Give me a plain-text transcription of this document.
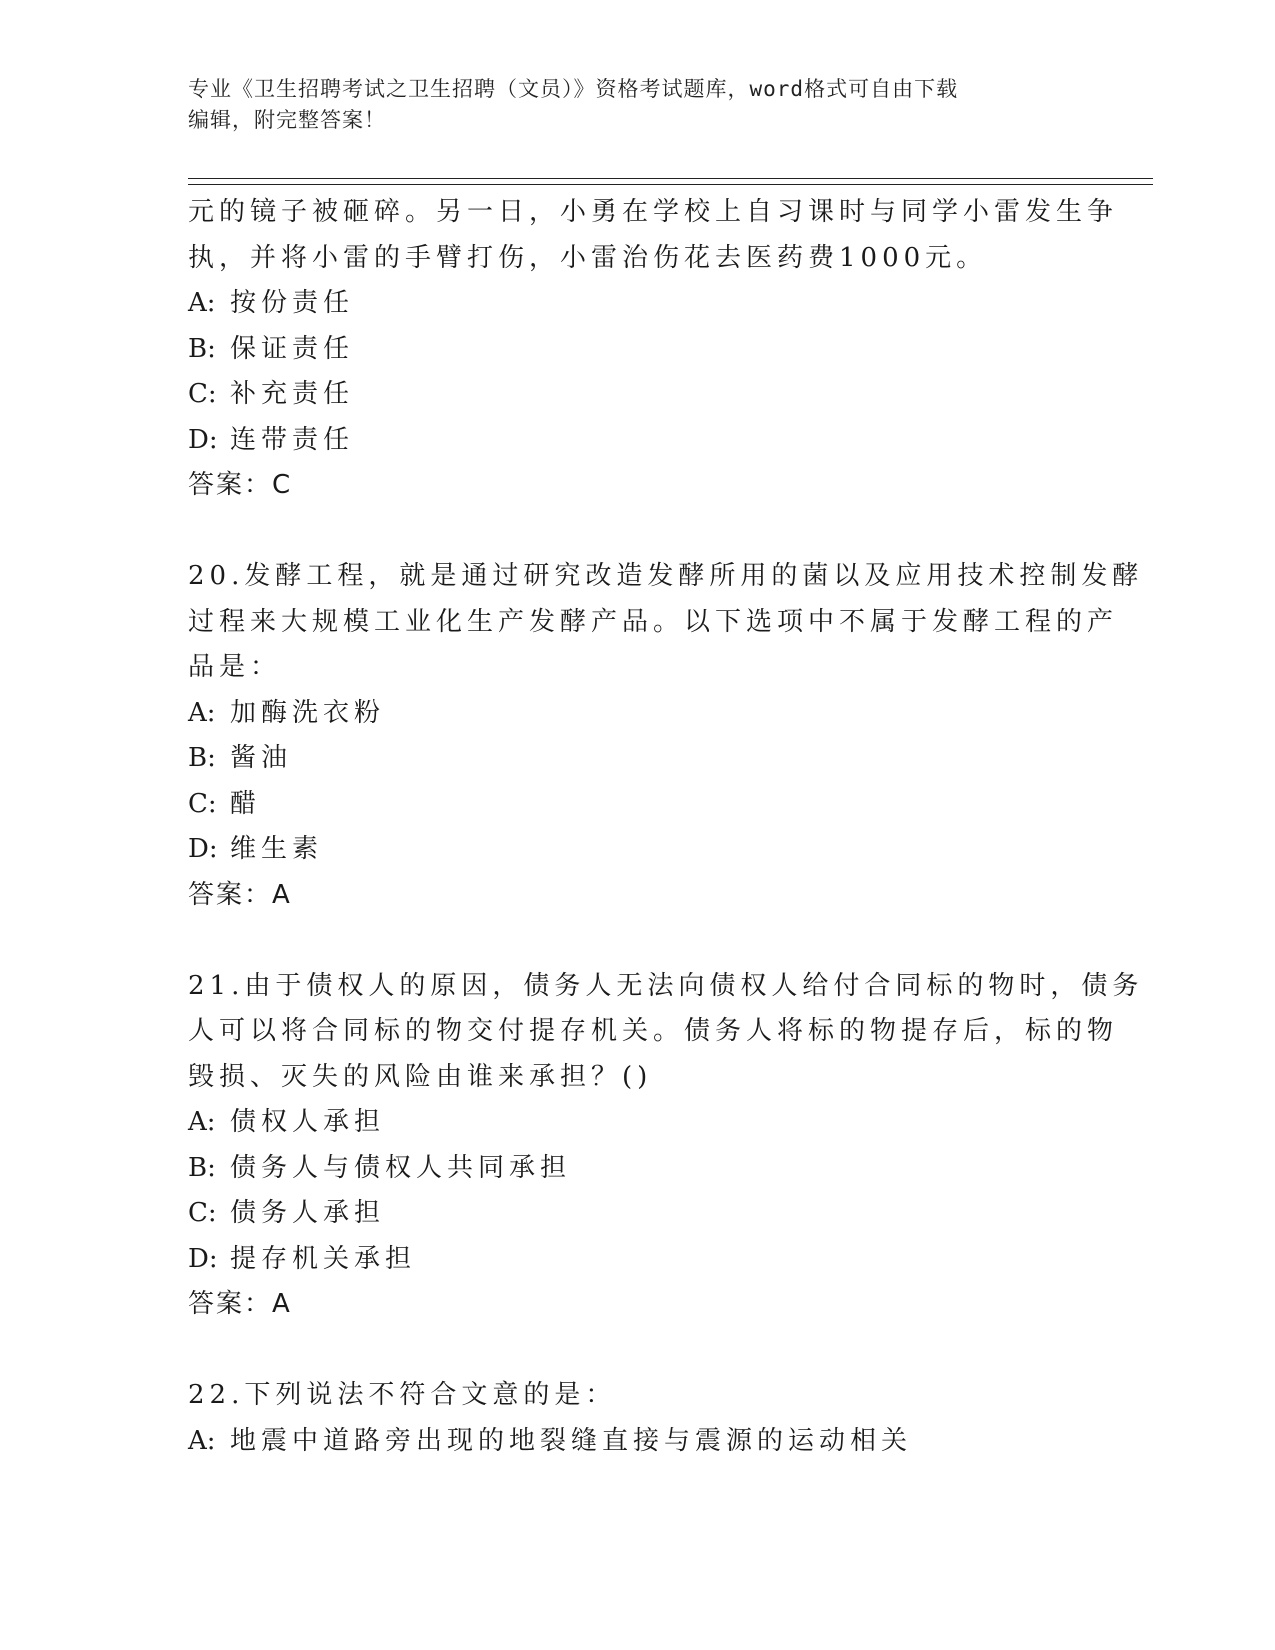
专业《卫生招聘考试之卫生招聘（文员）》资格考试题库，word格式可自由下载
编辑，附完整答案！
元的镜子被砸碎。另一日，小勇在学校上自习课时与同学小雷发生争
执，并将小雷的手臂打伤，小雷治伤花去医药费1000元。
A: 按份责任
B: 保证责任
C: 补充责任
D: 连带责任
答案：C
20.发酵工程，就是通过研究改造发酵所用的菌以及应用技术控制发酵
过程来大规模工业化生产发酵产品。以下选项中不属于发酵工程的产
品是：
A: 加酶洗衣粉
B: 酱油
C: 醋
D: 维生素
答案：A
21.由于债权人的原因，债务人无法向债权人给付合同标的物时，债务
人可以将合同标的物交付提存机关。债务人将标的物提存后，标的物
毁损、灭失的风险由谁来承担？()
A: 债权人承担
B: 债务人与债权人共同承担
C: 债务人承担
D: 提存机关承担
答案：A
22.下列说法不符合文意的是：
A: 地震中道路旁出现的地裂缝直接与震源的运动相关
